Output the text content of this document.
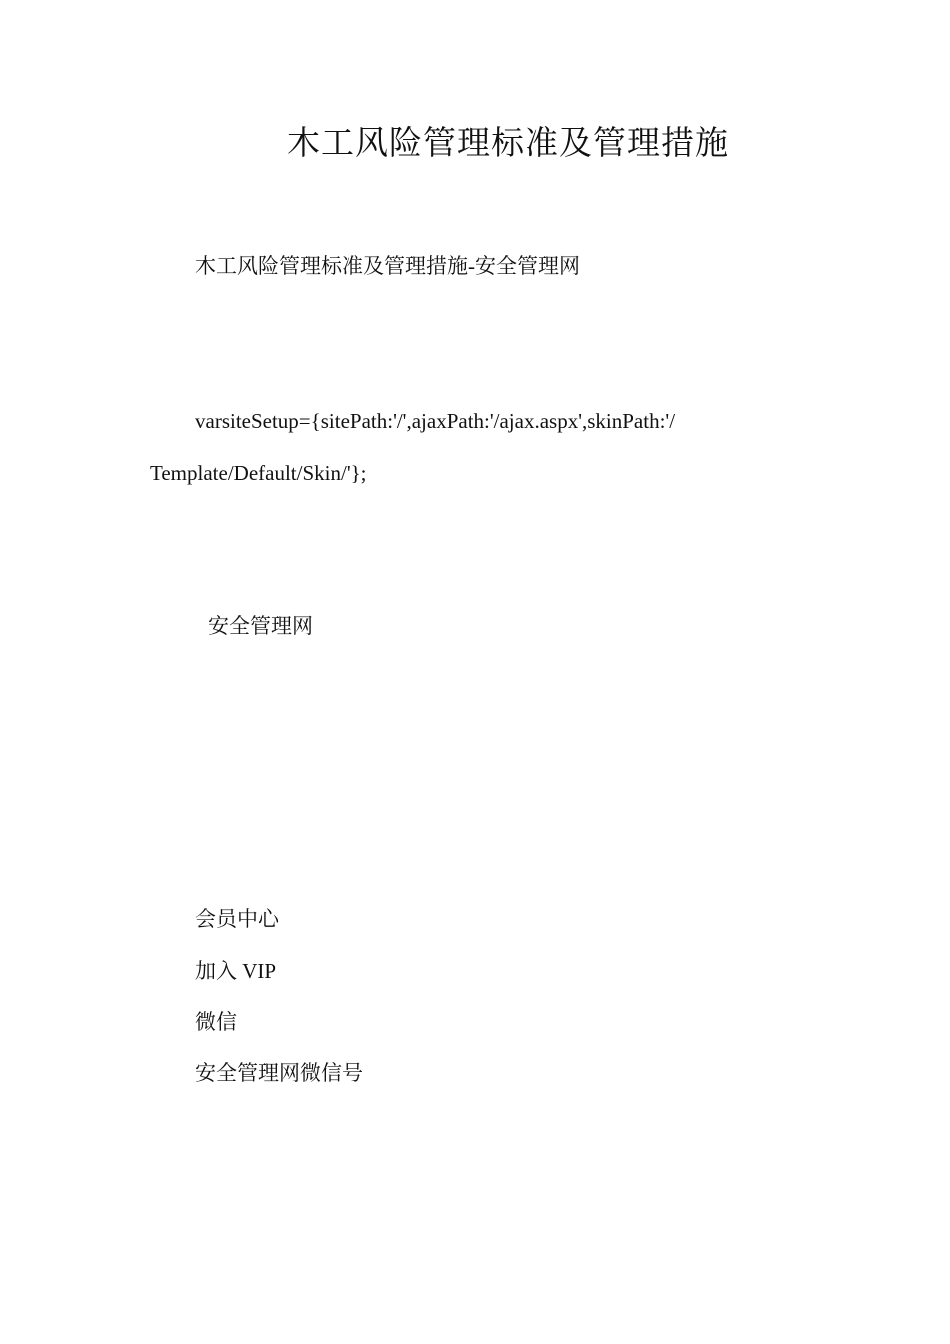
木工风险管理标准及管理措施
木工风险管理标准及管理措施-安全管理网
varsiteSetup={sitePath:'/',ajaxPath:'/ajax.aspx',skinPath:'/
Template/Default/Skin/'};
安全管理网
会员中心
加入 VIP
微信
安全管理网微信号
